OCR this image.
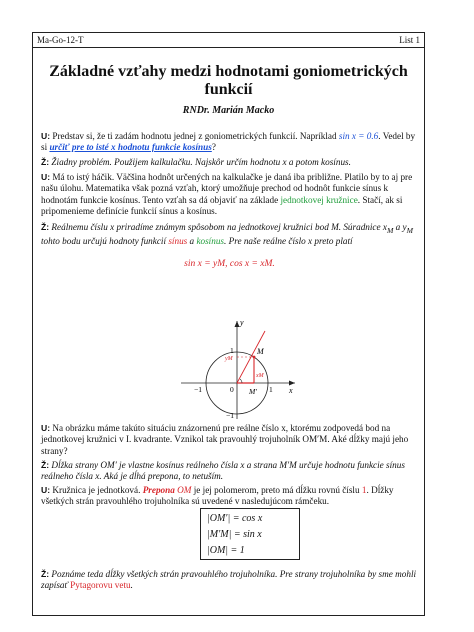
Ma-Go-12-T	List 1
Základné vzťahy medzi hodnotami goniometrických
funkcií
RNDr. Marián Macko
U: Predstav si, že ti zadám hodnotu jednej z goniometrických funkcií. Napríklad sin x = 0.6. Vedel by si určiť pre to isté x hodnotu funkcie kosínus?
Ž: Žiadny problém. Použijem kalkulačku. Najskôr určím hodnotu x a potom kosínus.
U: Má to istý háčik. Väčšina hodnôt určených na kalkulačke je daná iba približne. Platilo by to aj pre našu úlohu. Matematika však pozná vzťah, ktorý umožňuje prechod od hodnôt funkcie sínus k hodnotám funkcie kosínus. Tento vzťah sa dá objaviť na základe jednotkovej kružnice. Stačí, ak si pripomenieme definície funkcií sínus a kosínus.
Ž: Reálnemu číslu x priradíme známym spôsobom na jednotkovej kružnici bod M. Súradnice $x_M$ a $y_M$ tohto bodu určujú hodnoty funkcií sínus a kosínus. Pre naše reálne číslo x preto platí
sin x = yM, cos x = xM.
y
x
1
1
−1
−1
0
M
M′
yM
xM
U: Na obrázku máme takúto situáciu znázornenú pre reálne číslo x, ktorému zodpovedá bod na jednotkovej kružnici v I. kvadrante. Vznikol tak pravouhlý trojuholník OM′M. Aké dĺžky majú jeho strany?
Ž: Dĺžka strany OM′ je vlastne kosínus reálneho čísla x a strana M′M určuje hodnotu funkcie sínus reálneho čísla x. Aká je dĺhá prepona, to netuším.
U: Kružnica je jednotková. Prepona OM je jej polomerom, preto má dĺžku rovnú číslu 1. Dĺžky všetkých strán pravouhlého trojuholníka sú uvedené v nasledujúcom rámčeku.
|OM′| = cos x
|M′M| = sin x
|OM| = 1
Ž: Poznáme teda dĺžky všetkých strán pravouhlého trojuholníka. Pre strany trojuholníka by sme mohli zapísať Pytagorovu vetu.
